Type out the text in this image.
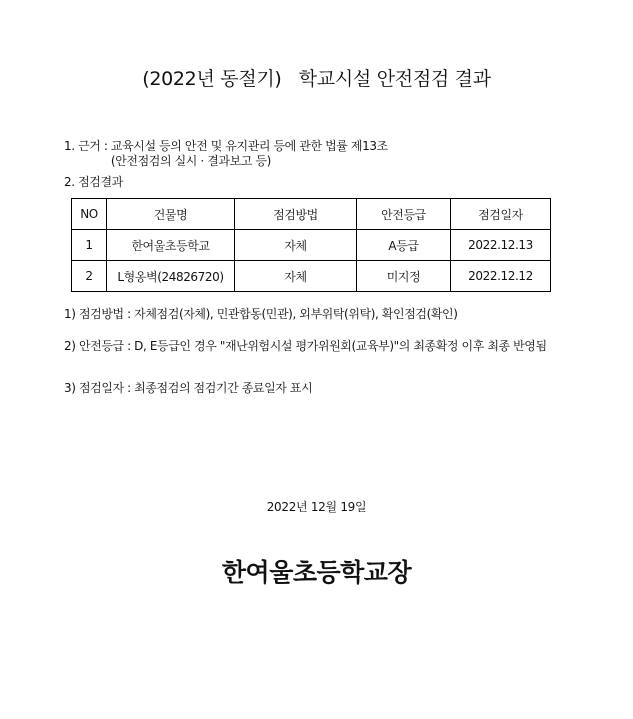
(2022년 동절기)   학교시설 안전점검 결과
1. 근거 : 교육시설 등의 안전 및 유지관리 등에 관한 법률 제13조
(안전점검의 실시 · 결과보고 등)
2. 점검결과
NO	건물명	점검방법	안전등급	점검일자
1	한여울초등학교	자체	A등급	2022.12.13
2	L형옹벽(24826720)	자체	미지정	2022.12.12
1) 점검방법 : 자체점검(자체), 민관합동(민관), 외부위탁(위탁), 확인점검(확인)
2) 안전등급 : D, E등급인 경우 "재난위험시설 평가위원회(교육부)"의 최종확정 이후 최종 반영됨
3) 점검일자 : 최종점검의 점검기간 종료일자 표시
2022년 12월 19일
한여울초등학교장
